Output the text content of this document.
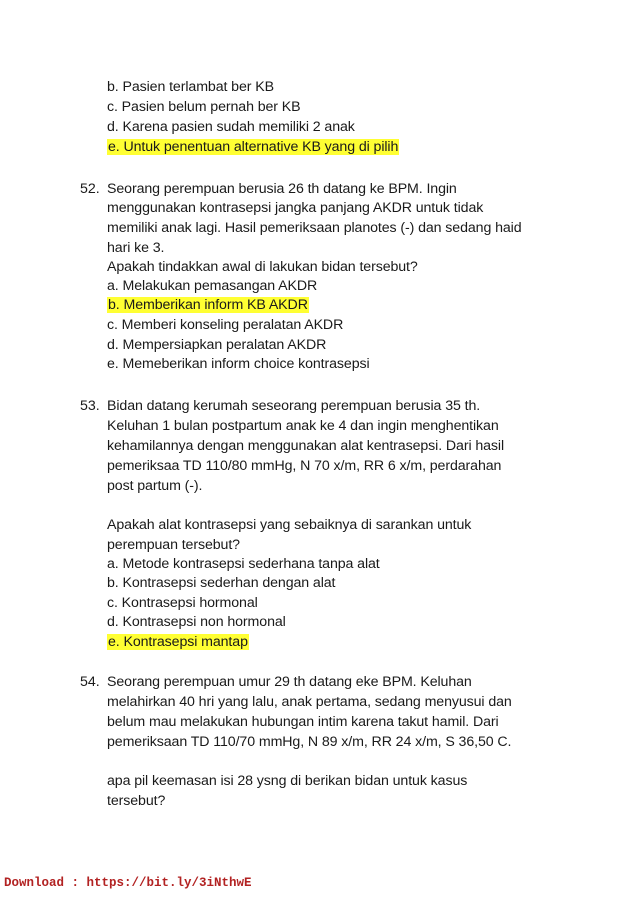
b. Pasien terlambat ber KB
c. Pasien belum pernah ber KB
d. Karena pasien sudah memiliki 2 anak
e. Untuk penentuan alternative KB yang di pilih
52. Seorang perempuan berusia 26 th datang ke BPM. Ingin
menggunakan kontrasepsi jangka panjang AKDR untuk tidak
memiliki anak lagi. Hasil pemeriksaan planotes (-) dan sedang haid
hari ke 3.
Apakah tindakkan awal di lakukan bidan tersebut?
a. Melakukan pemasangan AKDR
b. Memberikan inform KB AKDR
c. Memberi konseling peralatan AKDR
d. Mempersiapkan peralatan AKDR
e. Memeberikan inform choice kontrasepsi
53. Bidan datang kerumah seseorang perempuan berusia 35 th.
Keluhan 1 bulan postpartum anak ke 4 dan ingin menghentikan
kehamilannya dengan menggunakan alat kentrasepsi. Dari hasil
pemeriksaa TD 110/80 mmHg, N 70 x/m, RR 6 x/m, perdarahan
post partum (-).
Apakah alat kontrasepsi yang sebaiknya di sarankan untuk
perempuan tersebut?
a. Metode kontrasepsi sederhana tanpa alat
b. Kontrasepsi sederhan dengan alat
c. Kontrasepsi hormonal
d. Kontrasepsi non hormonal
e. Kontrasepsi mantap
54. Seorang perempuan umur 29 th datang eke BPM. Keluhan
melahirkan 40 hri yang lalu, anak pertama, sedang menyusui dan
belum mau melakukan hubungan intim karena takut hamil. Dari
pemeriksaan TD 110/70 mmHg, N 89 x/m, RR 24 x/m, S 36,50 C.
apa pil keemasan isi 28 ysng di berikan bidan untuk kasus
tersebut?
Download : https://bit.ly/3iNthwE
